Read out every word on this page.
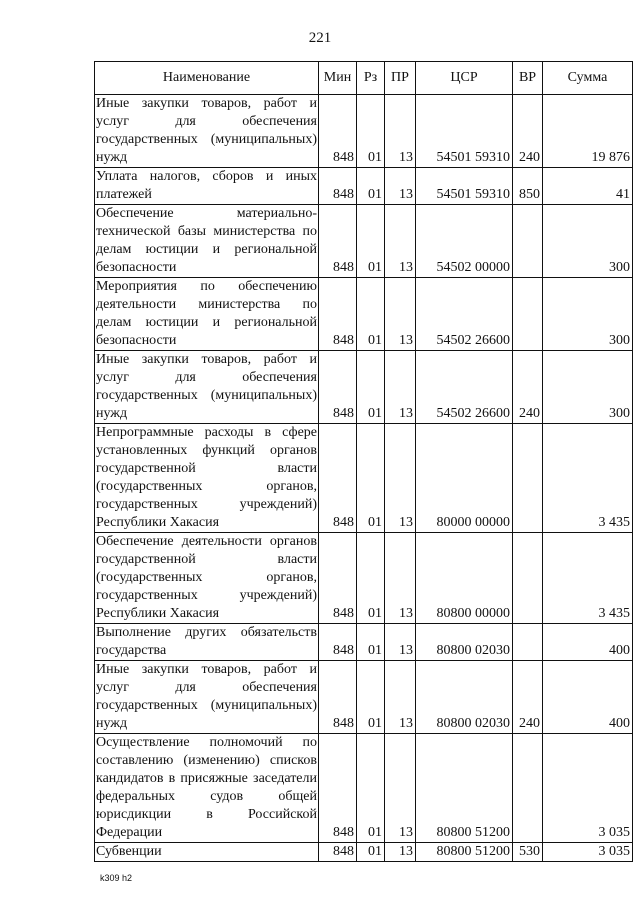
221
Наименование	Мин	Рз	ПР	ЦСР	ВР	Сумма
Иные закупки товаров, работ и услуг для обеспечения государственных (муниципальных) нужд	848	01	13	54501 59310	240	19 876
Уплата налогов, сборов и иных платежей	848	01	13	54501 59310	850	41
Обеспечение материально-технической базы министерства по делам юстиции и региональной безопасности	848	01	13	54502 00000		300
Мероприятия по обеспечению деятельности министерства по делам юстиции и региональной безопасности	848	01	13	54502 26600		300
Иные закупки товаров, работ и услуг для обеспечения государственных (муниципальных) нужд	848	01	13	54502 26600	240	300
Непрограммные расходы в сфере установленных функций органов государственной власти (государственных органов, государственных учреждений) Республики Хакасия	848	01	13	80000 00000		3 435
Обеспечение деятельности органов государственной власти (государственных органов, государственных учреждений) Республики Хакасия	848	01	13	80800 00000		3 435
Выполнение других обязательств государства	848	01	13	80800 02030		400
Иные закупки товаров, работ и услуг для обеспечения государственных (муниципальных) нужд	848	01	13	80800 02030	240	400
Осуществление полномочий по составлению (изменению) списков кандидатов в присяжные заседатели федеральных судов общей юрисдикции в Российской Федерации	848	01	13	80800 51200		3 035
Субвенции	848	01	13	80800 51200	530	3 035
k309 h2
